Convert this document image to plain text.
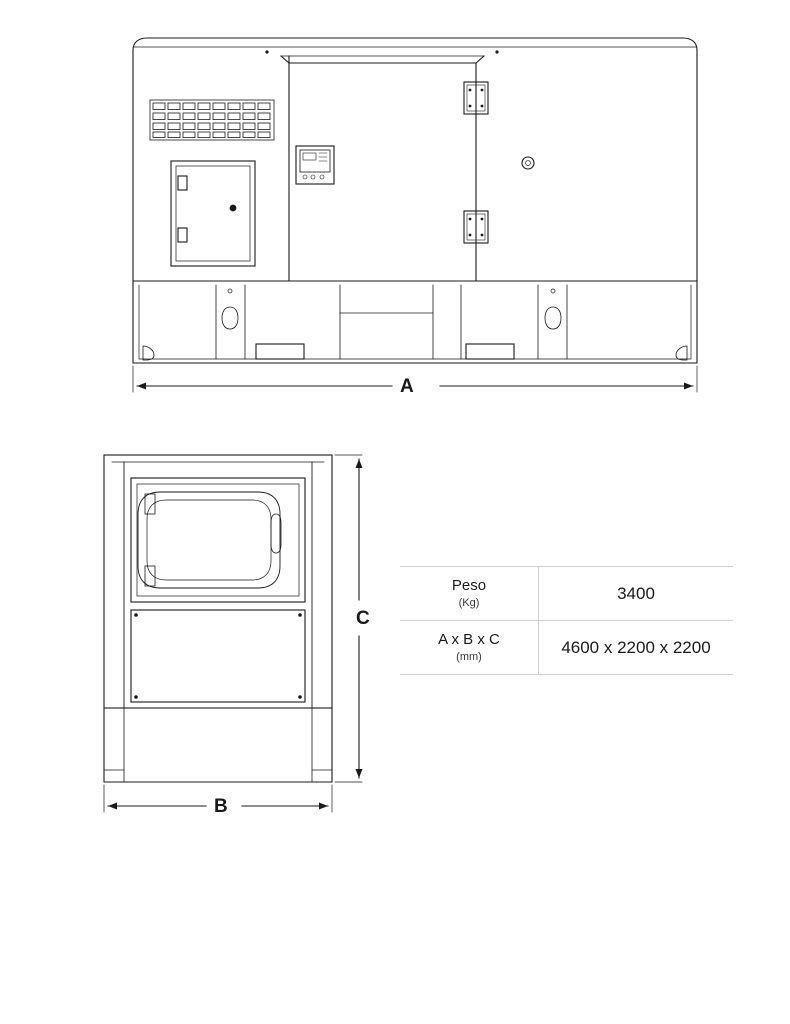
A
B
C
Peso
(Kg)	3400

A x B x C
(mm)	4600 x 2200 x 2200
